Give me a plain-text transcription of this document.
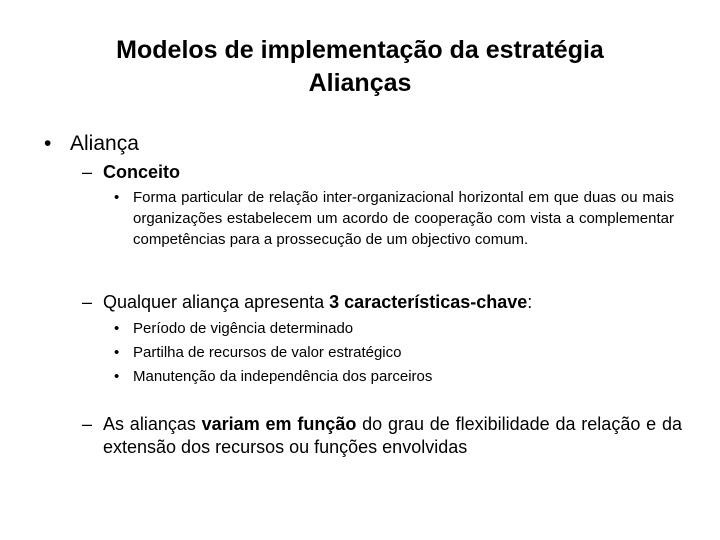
Modelos de implementação da estratégia
Alianças
• Aliança
– Conceito
• Forma particular de relação inter-organizacional horizontal em que duas ou mais organizações estabelecem um acordo de cooperação com vista a complementar competências para a prossecução de um objectivo comum.
– Qualquer aliança apresenta 3 características-chave:
• Período de vigência determinado
• Partilha de recursos de valor estratégico
• Manutenção da independência dos parceiros
– As alianças variam em função do grau de flexibilidade da relação e da extensão dos recursos ou funções envolvidas
